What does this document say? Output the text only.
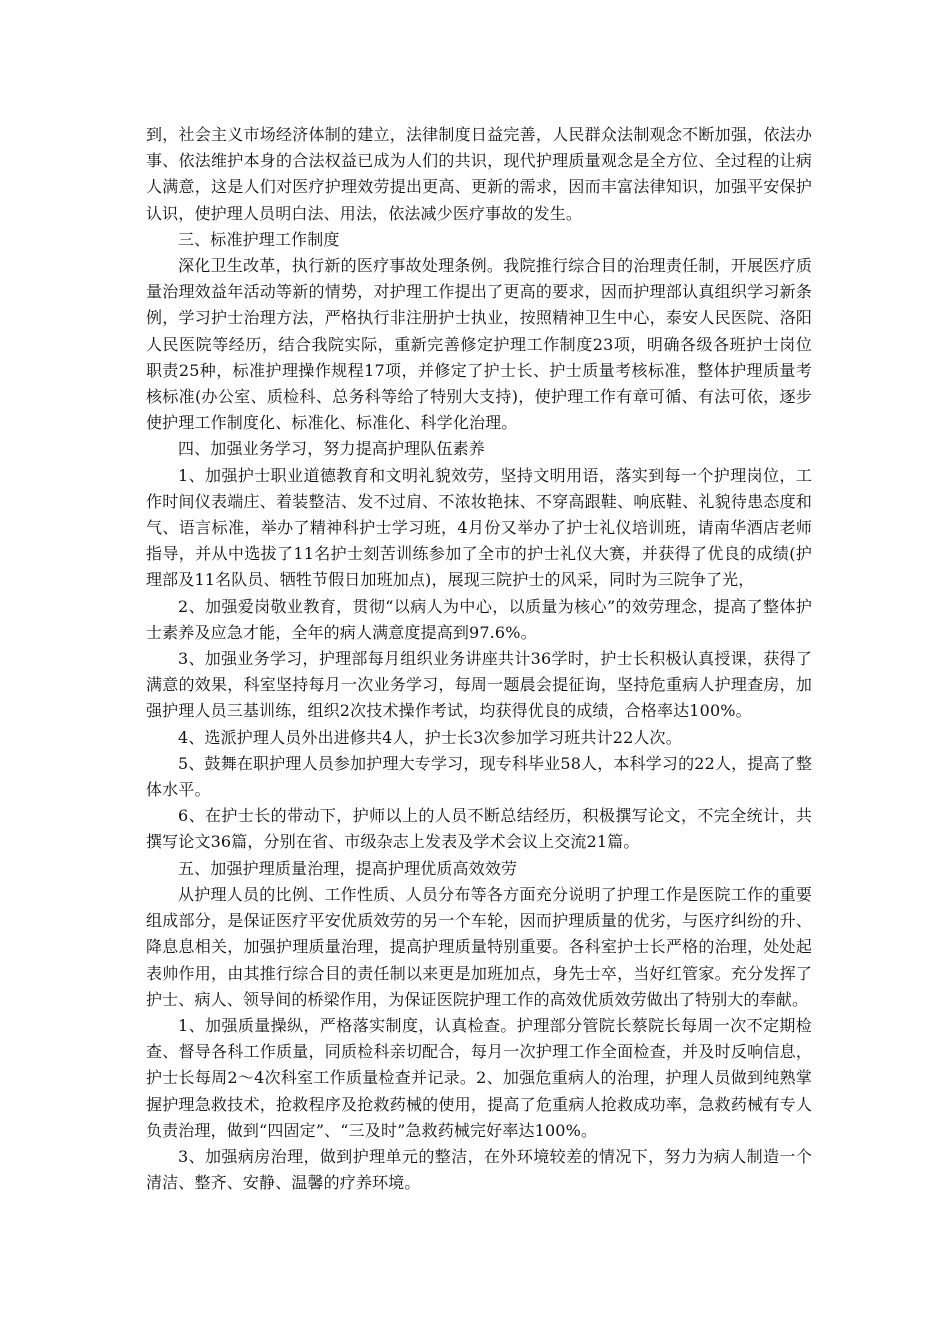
到，社会主义市场经济体制的建立，法律制度日益完善，人民群众法制观念不断加强，依法办事、依法维护本身的合法权益已成为人们的共识，现代护理质量观念是全方位、全过程的让病人满意，这是人们对医疗护理效劳提出更高、更新的需求，因而丰富法律知识，加强平安保护认识，使护理人员明白法、用法，依法减少医疗事故的发生。

三、标准护理工作制度

深化卫生改革，执行新的医疗事故处理条例。我院推行综合目的治理责任制，开展医疗质量治理效益年活动等新的情势，对护理工作提出了更高的要求，因而护理部认真组织学习新条例，学习护士治理方法，严格执行非注册护士执业，按照精神卫生中心，泰安人民医院、洛阳人民医院等经历，结合我院实际，重新完善修定护理工作制度23项，明确各级各班护士岗位职责25种，标准护理操作规程17项，并修定了护士长、护士质量考核标准，整体护理质量考核标准(办公室、质检科、总务科等给了特别大支持)，使护理工作有章可循、有法可依，逐步使护理工作制度化、标准化、标准化、科学化治理。

四、加强业务学习，努力提高护理队伍素养

1、加强护士职业道德教育和文明礼貌效劳，坚持文明用语，落实到每一个护理岗位，工作时间仪表端庄、着装整洁、发不过肩、不浓妆艳抹、不穿高跟鞋、响底鞋、礼貌待患态度和气、语言标准，举办了精神科护士学习班，4月份又举办了护士礼仪培训班，请南华酒店老师指导，并从中选拔了11名护士刻苦训练参加了全市的护士礼仪大赛，并获得了优良的成绩(护理部及11名队员、牺牲节假日加班加点)，展现三院护士的风采，同时为三院争了光，

2、加强爱岗敬业教育，贯彻“以病人为中心，以质量为核心”的效劳理念，提高了整体护士素养及应急才能，全年的病人满意度提高到97.6%。

3、加强业务学习，护理部每月组织业务讲座共计36学时，护士长积极认真授课，获得了满意的效果，科室坚持每月一次业务学习，每周一题晨会提征询，坚持危重病人护理查房，加强护理人员三基训练，组织2次技术操作考试，均获得优良的成绩，合格率达100%。

4、选派护理人员外出进修共4人，护士长3次参加学习班共计22人次。

5、鼓舞在职护理人员参加护理大专学习，现专科毕业58人，本科学习的22人，提高了整体水平。

6、在护士长的带动下，护师以上的人员不断总结经历，积极撰写论文，不完全统计，共撰写论文36篇，分别在省、市级杂志上发表及学术会议上交流21篇。

五、加强护理质量治理，提高护理优质高效效劳

从护理人员的比例、工作性质、人员分布等各方面充分说明了护理工作是医院工作的重要组成部分，是保证医疗平安优质效劳的另一个车轮，因而护理质量的优劣，与医疗纠纷的升、降息息相关，加强护理质量治理，提高护理质量特别重要。各科室护士长严格的治理，处处起表帅作用，由其推行综合目的责任制以来更是加班加点，身先士卒，当好红管家。充分发挥了护士、病人、领导间的桥梁作用，为保证医院护理工作的高效优质效劳做出了特别大的奉献。

1、加强质量操纵，严格落实制度，认真检查。护理部分管院长蔡院长每周一次不定期检查、督导各科工作质量，同质检科亲切配合，每月一次护理工作全面检查，并及时反响信息，护士长每周2～4次科室工作质量检查并记录。2、加强危重病人的治理，护理人员做到纯熟掌握护理急救技术，抢救程序及抢救药械的使用，提高了危重病人抢救成功率，急救药械有专人负责治理，做到“四固定”、“三及时”急救药械完好率达100%。

3、加强病房治理，做到护理单元的整洁，在外环境较差的情况下，努力为病人制造一个清洁、整齐、安静、温馨的疗养环境。
